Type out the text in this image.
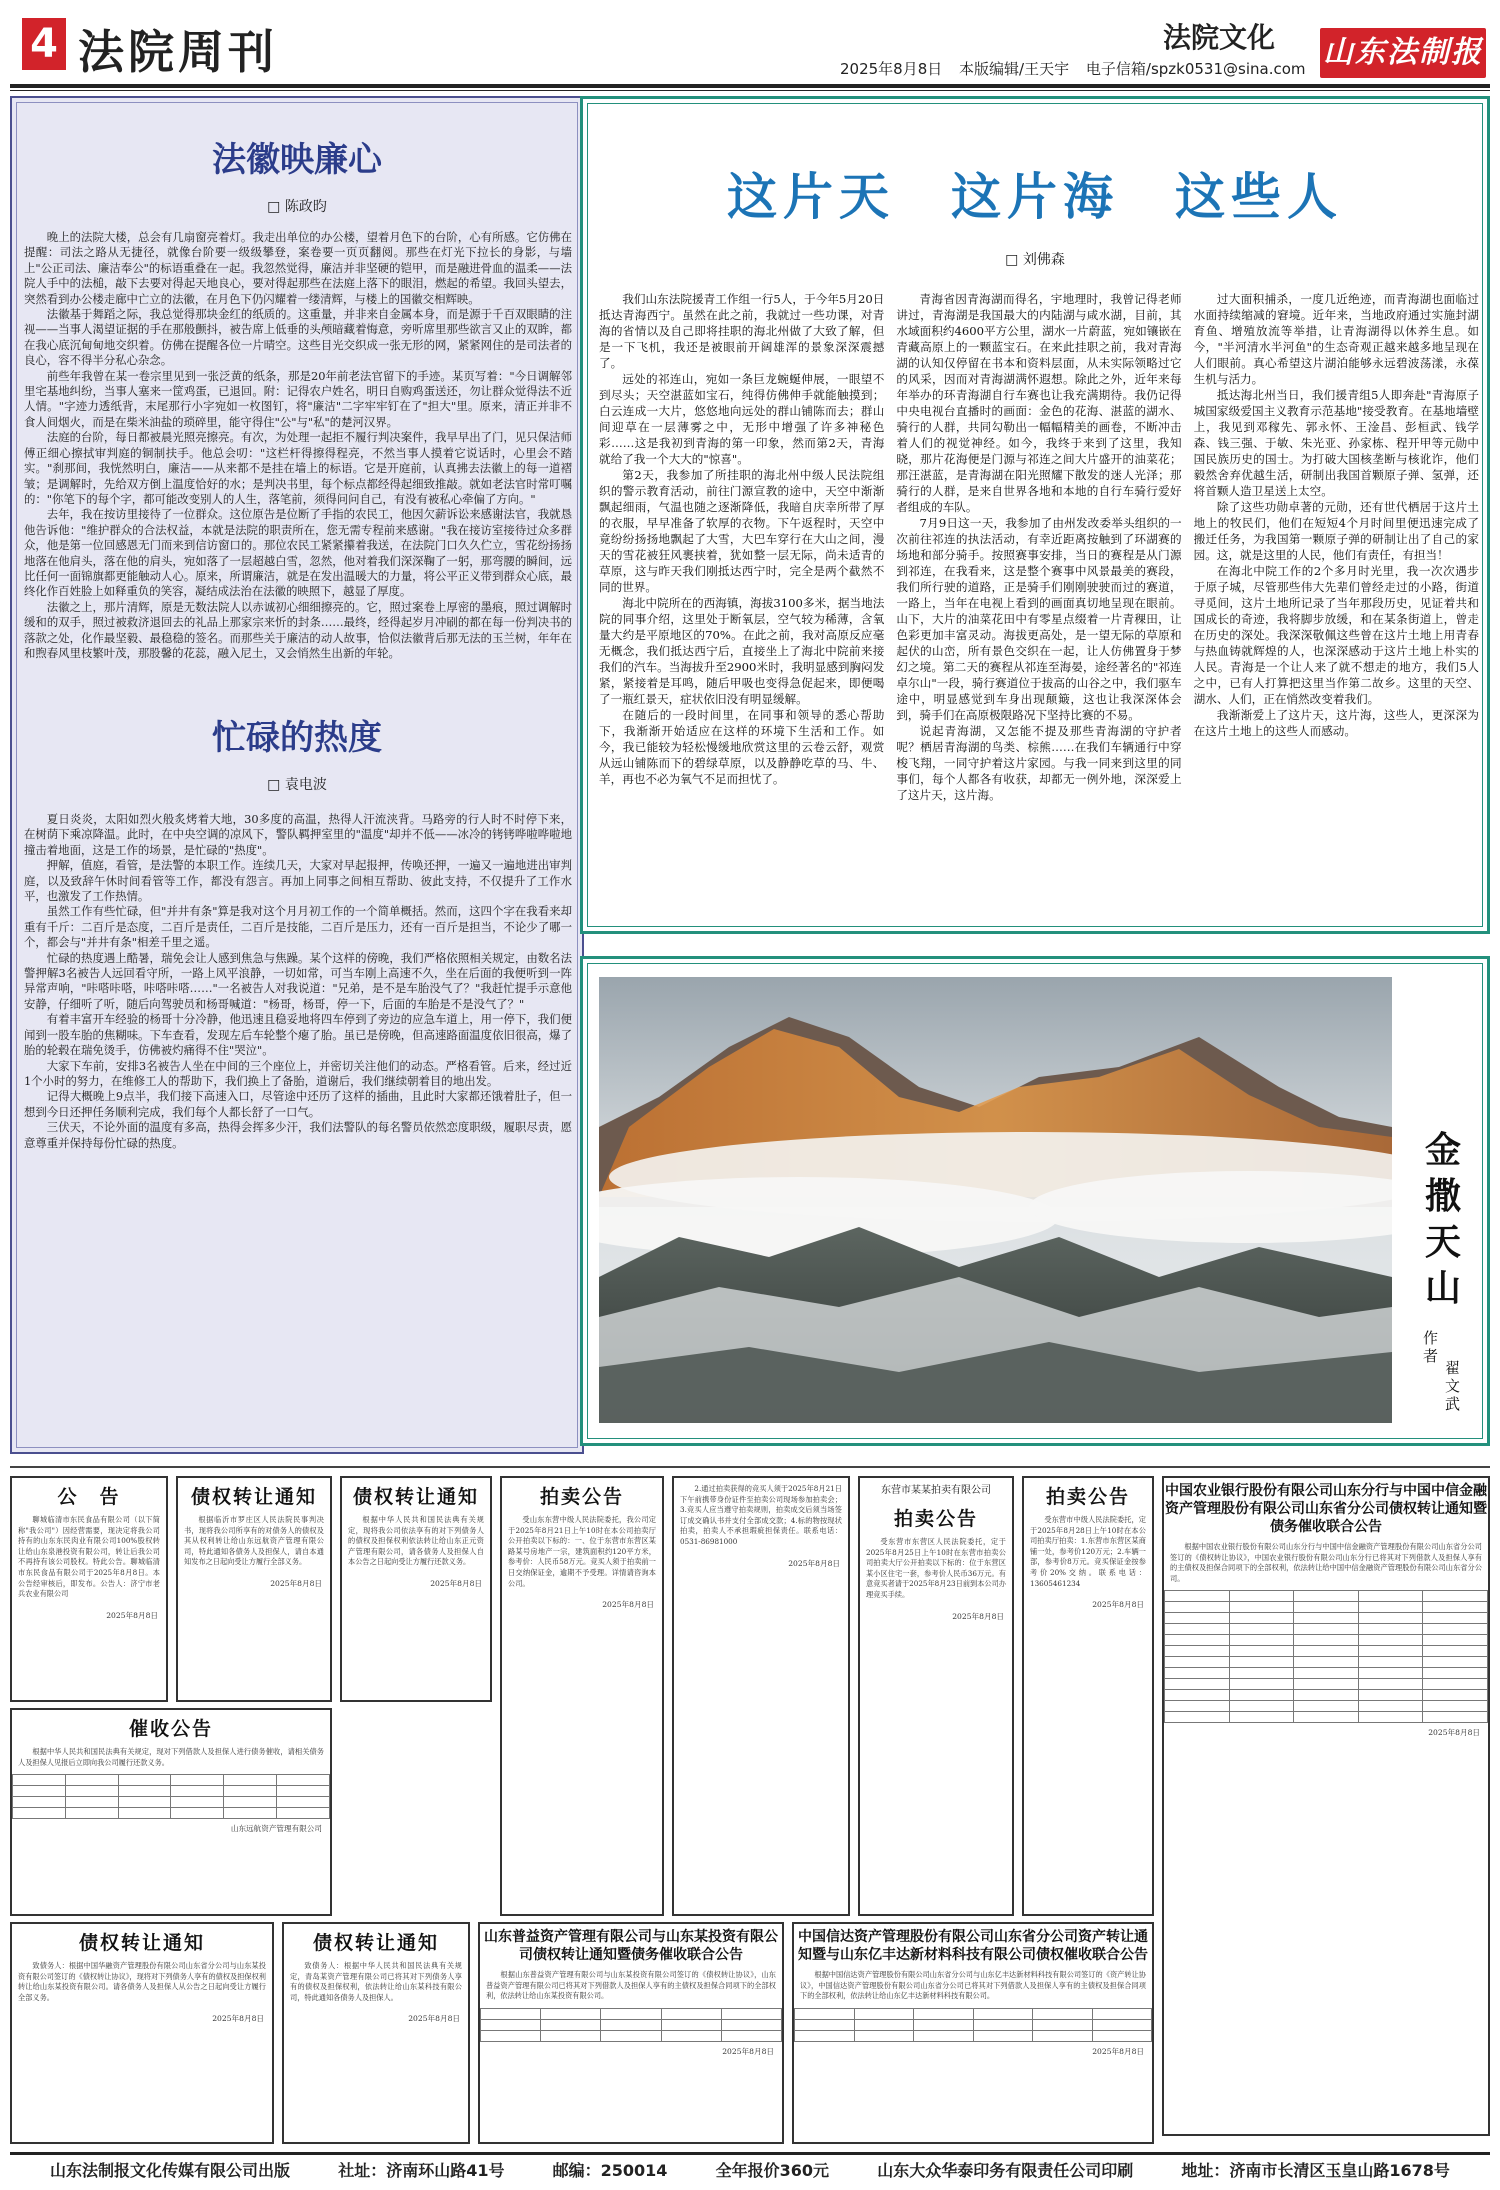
4 法院周刊	法院文化
2025年8月8日 本版编辑/王天宇 电子信箱/spzk0531@sina.com 山东法制报
法徽映廉心
□ 陈政昀

晚上的法院大楼，总会有几扇窗亮着灯。我走出单位的办公楼，望着月色下的台阶，心有所感。它仿佛在提醒：司法之路从无捷径，就像台阶要一级级攀登，案卷要一页页翻阅。那些在灯光下拉长的身影，与墙上"公正司法、廉洁奉公"的标语重叠在一起。我忽然觉得，廉洁并非坚硬的铠甲，而是融进骨血的温柔——法院人手中的法槌，敲下去要对得起天地良心，要对得起那些在法庭上落下的眼泪，燃起的希望。我回头望去，突然看到办公楼走廊中亡立的法徽，在月色下仍闪耀着一缕清辉，与楼上的国徽交相辉映。

法徽基于舞蹈之际，我总觉得那块金红的纸质的。这重量，并非来自金属本身，而是源于千百双眼睛的注视——当事人渴望证据的手在那般颤抖，被告席上低垂的头颅暗藏着悔意，旁听席里那些欲言又止的双眸，都在我心底沉甸甸地交织着。仿佛在提醒各位一片晴空。这些目光交织成一张无形的网，紧紧网住的是司法者的良心，容不得半分私心杂念。

前些年我曾在某一卷宗里见到一张泛黄的纸条，那是20年前老法官留下的手迹。某页写着："今日调解邻里宅基地纠纷，当事人塞来一筐鸡蛋，已退回。附：记得农户姓名，明日自购鸡蛋送还，勿让群众觉得法不近人情。"字迹力透纸背，末尾那行小字宛如一枚图钉，将"廉洁"二字牢牢钉在了"担大"里。原来，清正并非不食人间烟火，而是在柴米油盐的琐碎里，能守得住"公"与"私"的楚河汉界。

法庭的台阶，每日都被晨光照亮擦亮。有次，为处理一起拒不履行判决案件，我早早出了门，见只保洁师傅正细心擦拭审判庭的铜制扶手。他总会叨："这栏杆得擦得程亮，不然当事人摸着它说话时，心里会不踏实。"刹那间，我恍然明白，廉洁——从来都不是挂在墙上的标语。它是开庭前，认真拂去法徽上的每一道褶皱；是调解时，先给双方倒上温度恰好的水；是判决书里，每个标点都经得起细致推敲。就如老法官时常叮嘱的："你笔下的每个字，都可能改变别人的人生，落笔前，须得问问自己，有没有被私心牵偏了方向。"

去年，我在按访里接待了一位群众。这位原告是位断了手指的农民工，他因欠薪诉讼来感谢法官，我就恳他告诉他："维护群众的合法权益，本就是法院的职责所在，您无需专程前来感谢。"我在接访室接待过众多群众，他是第一位回感恩无门而来到信访窗口的。那位农民工紧紧攥着我送，在法院门口久久伫立，雪花纷扬扬地落在他肩头，落在他的肩头，宛如落了一层超越白雪，忽然，他对着我们深深鞠了一躬，那弯腰的瞬间，远比任何一面锦旗都更能触动人心。原来，所谓廉洁，就是在发出温暖大的力量，将公平正义带到群众心底，最终化作百姓脸上如释重负的笑容，凝结成法治在法徽的映照下，越显了厚度。

法徽之上，那片清辉，原是无数法院人以赤诚初心细细擦亮的。它，照过案卷上厚密的墨痕，照过调解时缓和的双手，照过被救济退回去的礼品上那家宗来忻的封条……最终，经得起岁月冲刷的都在每一份判决书的落款之处，化作最坚毅、最稳稳的签名。而那些关于廉洁的动人故事，恰似法徽背后那无法的玉兰树，年年在和煦春风里枝繁叶茂，那股馨的花蕊，融入尼土，又会悄然生出新的年轮。

忙碌的热度
□ 袁电波

夏日炎炎，太阳如烈火般炙烤着大地，30多度的高温，热得人汗流浃背。马路旁的行人时不时停下来，在树荫下乘凉降温。此时，在中央空调的凉风下，警队羁押室里的"温度"却并不低——冰冷的铐铐哗啦哗啦地撞击着地面，这是工作的场景，是忙碌的"热度"。

押解，值庭，看管，是法警的本职工作。连续几天，大家对早起报押，传唤还押，一遍又一遍地进出审判庭，以及致辞午休时间看管等工作，都没有怨言。再加上同事之间相互帮助、彼此支持，不仅提升了工作水平，也激发了工作热情。

虽然工作有些忙碌，但"并井有条"算是我对这个月月初工作的一个简单概括。然而，这四个字在我看来却重有千斤：二百斤是态度，二百斤是责任，二百斤是技能，二百斤是压力，还有一百斤是担当，不论少了哪一个，都会与"并井有条"相差千里之遥。

忙碌的热度遇上酷暑，瑞免会让人感到焦急与焦躁。某个这样的傍晚，我们严格依照相关规定，由数名法警押解3名被告人远回看守所，一路上风平浪静，一切如常，可当车刚上高速不久，坐在后面的我便听到一阵异常声响，"咔嗒咔嗒，咔嗒咔嗒……"一名被告人对我说道："兄弟，是不是车胎没气了？"我赶忙提手示意他安静，仔细听了听，随后向驾驶员和杨哥喊道："杨哥，杨哥，停一下，后面的车胎是不是没气了？"

有着丰富开车经验的杨哥十分冷静，他迅速且稳妥地将四车停到了旁边的应急车道上，用一停下，我们便闻到一股车胎的焦糊味。下车查看，发现左后车轮整个瘪了胎。虽已是傍晚，但高速路面温度依旧很高，爆了胎的轮毂在瑞免烫手，仿佛被灼痛得不住"哭泣"。

大家下车前，安排3名被告人坐在中间的三个座位上，并密切关注他们的动态。严格看管。后来，经过近1个小时的努力，在维修工人的帮助下，我们换上了备胎，道谢后，我们继续朝着目的地出发。

记得大概晚上9点半，我们接下高速入口，尽管途中还历了这样的插曲，且此时大家都还饿着肚子，但一想到今日还押任务顺利完成，我们每个人都长舒了一口气。

三伏天，不论外面的温度有多高，热得会挥多少汗，我们法警队的每名警员依然恋度职级，履职尽责，愿意尊重并保持每份忙碌的热度。

这片天　这片海　这些人
□ 刘佛森

我们山东法院援青工作组一行5人，于今年5月20日抵达青海西宁。虽然在此之前，我就过一些功课，对青海的省情以及自己即将挂职的海北州做了大致了解，但是一下飞机，我还是被眼前开阔雄浑的景象深深震撼了。

远处的祁连山，宛如一条巨龙蜿蜒伸展，一眼望不到尽头；天空湛蓝如宝石，纯得仿佛伸手就能触摸到；白云连成一大片，悠悠地向远处的群山铺陈而去；群山间迎草在一层薄雾之中，无形中增强了许多神秘色彩……这是我初到青海的第一印象，然而第2天，青海就给了我一个大大的"惊喜"。

第2天，我参加了所挂职的海北州中级人民法院组织的警示教育活动，前往门源宣教的途中，天空中渐渐飘起细雨，气温也随之逐渐降低，我暗自庆幸所带了厚的衣服，早早准备了软厚的衣物。下午返程时，天空中竟纷纷扬扬地飘起了大雪，大巴车穿行在大山之间，漫天的雪花被狂风裹挟着，犹如整一层无际，尚未适青的草原，这与昨天我们刚抵达西宁时，完全是两个截然不同的世界。

海北中院所在的西海镇，海拔3100多米，据当地法院的同事介绍，这里处于断氧层，空气较为稀薄，含氧量大约是平原地区的70%。在此之前，我对高原反应毫无概念，我们抵达西宁后，直接坐上了海北中院前来接我们的汽车。当海拔升至2900米时，我明显感到胸闷发紧，紧接着是耳鸣，随后甲吸也变得急促起来，即便喝了一瓶红景天，症状依旧没有明显缓解。

在随后的一段时间里，在同事和领导的悉心帮助下，我渐渐开始适应在这样的环境下生活和工作。如今，我已能较为轻松慢缓地欣赏这里的云卷云舒，观赏从远山铺陈而下的碧绿草原，以及静静吃草的马、牛、羊，再也不必为氧气不足而担忧了。

青海省因青海湖而得名，宇地理时，我曾记得老师讲过，青海湖是我国最大的内陆湖与咸水湖，目前，其水域面积约4600平方公里，湖水一片蔚蓝，宛如镶嵌在青藏高原上的一颗蓝宝石。在来此挂职之前，我对青海湖的认知仅停留在书本和资料层面，从未实际领略过它的风采，因而对青海湖满怀遐想。除此之外，近年来每年举办的环青海湖自行车赛也让我充满期待。我仍记得中央电视台直播时的画面：金色的花海、湛蓝的湖水、骑行的人群，共同勾勒出一幅幅精美的画卷，不断冲击着人们的视觉神经。如今，我终于来到了这里，我知晓，那片花海便是门源与祁连之间大片盛开的油菜花；那汪湛蓝，是青海湖在阳光照耀下散发的迷人光泽；那骑行的人群，是来自世界各地和本地的自行车骑行爱好者组成的车队。

7月9日这一天，我参加了由州发改委举头组织的一次前往祁连的执法活动，有幸近距离按触到了环湖赛的场地和部分骑手。按照赛事安排，当日的赛程是从门源到祁连，在我看来，这是整个赛事中风景最美的赛段，我们所行驶的道路，正是骑手们刚刚驶驶而过的赛道，一路上，当年在电视上看到的画面真切地呈现在眼前。山下，大片的油菜花田中有零星点缀着一片青稞田，让色彩更加丰富灵动。海拔更高处，是一望无际的草原和起伏的山峦，所有景色交织在一起，让人仿佛置身于梦幻之境。第二天的赛程从祁连至海晏，途经著名的"祁连卓尔山"一段，骑行赛道位于拔高的山谷之中，我们驱车途中，明显感觉到车身出现颠簸，这也让我深深体会到，骑手们在高原极限路况下坚持比赛的不易。

说起青海湖，又怎能不提及那些青海湖的守护者呢？栖居青海湖的鸟类、棕熊……在我们车辆通行中穿梭飞翔，一同守护着这片家园。与我一同来到这里的同事们，每个人都各有收获，却都无一例外地，深深爱上了这片天，这片海。

过大面积捕杀，一度几近绝迹，而青海湖也面临过水面持续缩减的窘境。近年来，当地政府通过实施封湖育鱼、增殖放流等举措，让青海湖得以休养生息。如今，"半河清水半河鱼"的生态奇观正越来越多地呈现在人们眼前。真心希望这片湖泊能够永远碧波荡漾，永葆生机与活力。

抵达海北州当日，我们援青组5人即奔赴"青海原子城国家级爱国主义教育示范基地"接受教育。在基地墙壁上，我见到邓稼先、郭永怀、王淦昌、彭桓武、钱学森、钱三强、于敏、朱光亚、孙家栋、程开甲等元勋中国民族历史的国士。为打破大国核垄断与核讹诈，他们毅然舍弃优越生活，研制出我国首颗原子弹、氢弹，还将首颗人造卫星送上太空。

除了这些功勋卓著的元勋，还有世代栖居于这片土地上的牧民们，他们在短短4个月时间里便迅速完成了搬迁任务，为我国第一颗原子弹的研制让出了自己的家园。这，就是这里的人民，他们有责任，有担当！

在海北中院工作的2个多月时光里，我一次次遇步于原子城，尽管那些伟大先辈们曾经走过的小路，街道寻觅间，这片土地所记录了当年那段历史，见证着共和国成长的奇迹，我将脚步放缓，和在某条街道上，曾走在历史的深处。我深深敬佩这些曾在这片土地上用青春与热血铸就辉煌的人，也深深感动于这片土地上朴实的人民。青海是一个让人来了就不想走的地方，我们5人之中，已有人打算把这里当作第二故乡。这里的天空、湖水、人们，正在悄然改变着我们。

我渐渐爱上了这片天，这片海，这些人，更深深为在这片土地上的这些人而感动。

金撒天山
作者
翟文武
公　告
聊城临清市东民食品有限公司（以下简称"我公司"）因经营需要，现决定将我公司持有的山东东民肉业有限公司100%股权转让给山东泉港投资有限公司，转让后我公司不再持有该公司股权。特此公告。聊城临清市东民食品有限公司于2025年8月8日。本公告经审核后，即发布。公告人：济宁市老兵农业有限公司
2025年8月8日
债权转让通知
根据临沂市罗庄区人民法院民事判决书，现将我公司所享有的对债务人的债权及其从权利转让给山东远航资产管理有限公司，特此通知各债务人及担保人，请自本通知发布之日起向受让方履行全部义务。
2025年8月8日
债权转让通知
根据中华人民共和国民法典有关规定，现将我公司依法享有的对下列债务人的债权及担保权利依法转让给山东正元资产管理有限公司，请各债务人及担保人自本公告之日起向受让方履行还款义务。
2025年8月8日
催收公告
根据中华人民共和国民法典有关规定，现对下列借款人及担保人进行债务催收，请相关债务人及担保人见报后立即向我公司履行还款义务。

山东远航资产管理有限公司
拍卖公告
受山东东营中级人民法院委托，我公司定于2025年8月21日上午10时在本公司拍卖厅公开拍卖以下标的：一、位于东营市东营区某路某号房地产一宗，建筑面积约120平方米，参考价：人民币58万元。竞买人须于拍卖前一日交纳保证金，逾期不予受理。详情请咨询本公司。
2025年8月8日
2.通过拍卖获得的竞买人须于2025年8月21日下午前携带身份证件至拍卖公司现场参加拍卖会；3.竞买人应当遵守拍卖规则，拍卖成交后须当场签订成交确认书并支付全部成交款；4.标的物按现状拍卖，拍卖人不承担瑕疵担保责任。联系电话：0531-86981000
2025年8月8日
东营市某某拍卖有限公司
拍卖公告
受东营市东营区人民法院委托，定于2025年8月25日上午10时在东营市拍卖公司拍卖大厅公开拍卖以下标的：位于东营区某小区住宅一套，参考价人民币36万元。有意竞买者请于2025年8月23日前到本公司办理竞买手续。
2025年8月8日
拍卖公告
受东营市中级人民法院委托，定于2025年8月28日上午10时在本公司拍卖厅拍卖：1.东营市东营区某商铺一处，参考价120万元；2.车辆一部，参考价8万元。竞买保证金按参考价20%交纳。联系电话：13605461234
2025年8月8日
中国农业银行股份有限公司山东分行与中国中信金融资产管理股份有限公司山东省分公司债权转让通知暨债务催收联合公告
根据中国农业银行股份有限公司山东分行与中国中信金融资产管理股份有限公司山东省分公司签订的《债权转让协议》，中国农业银行股份有限公司山东分行已将其对下列借款人及担保人享有的主债权及担保合同项下的全部权利，依法转让给中国中信金融资产管理股份有限公司山东省分公司。

2025年8月8日
债权转让通知
致债务人：根据中国华融资产管理股份有限公司山东省分公司与山东某投资有限公司签订的《债权转让协议》，现将对下列债务人享有的债权及担保权利转让给山东某投资有限公司。请各债务人及担保人从公告之日起向受让方履行全部义务。
2025年8月8日
债权转让通知
致债务人：根据中华人民共和国民法典有关规定，青岛某资产管理有限公司已将其对下列债务人享有的债权及担保权利，依法转让给山东某科技有限公司，特此通知各债务人及担保人。
2025年8月8日
山东普益资产管理有限公司与山东某投资有限公司债权转让通知暨债务催收联合公告
根据山东普益资产管理有限公司与山东某投资有限公司签订的《债权转让协议》，山东普益资产管理有限公司已将其对下列借款人及担保人享有的主债权及担保合同项下的全部权利，依法转让给山东某投资有限公司。

2025年8月8日
中国信达资产管理股份有限公司山东省分公司资产转让通知暨与山东亿丰达新材料科技有限公司债权催收联合公告
根据中国信达资产管理股份有限公司山东省分公司与山东亿丰达新材料科技有限公司签订的《资产转让协议》，中国信达资产管理股份有限公司山东省分公司已将其对下列借款人及担保人享有的主债权及担保合同项下的全部权利，依法转让给山东亿丰达新材料科技有限公司。

2025年8月8日
山东法制报文化传媒有限公司出版	社址：济南环山路41号	邮编：250014	全年报价360元	山东大众华泰印务有限责任公司印刷	地址：济南市长清区玉皇山路1678号
